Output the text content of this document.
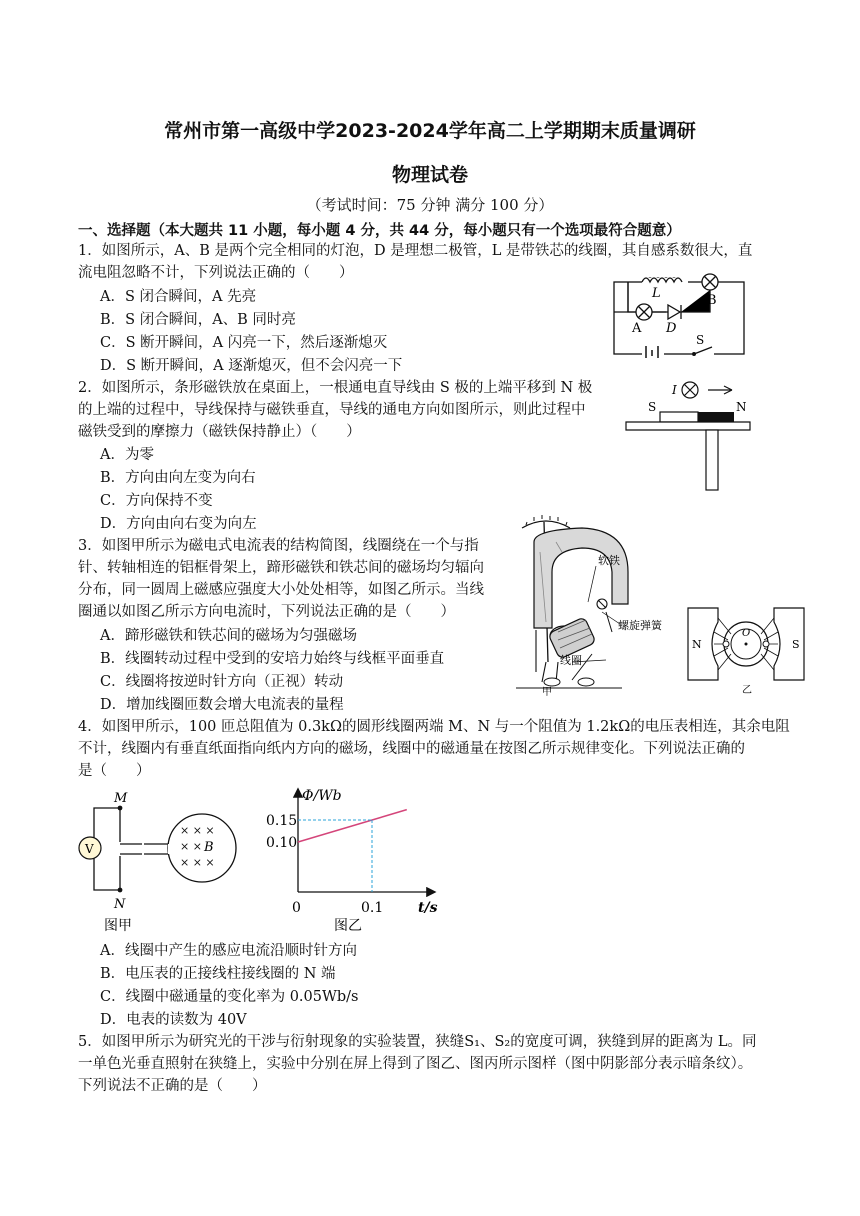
常州市第一高级中学2023-2024学年高二上学期期末质量调研
物理试卷
（考试时间：75 分钟 满分 100 分）
一、选择题（本大题共 11 小题，每小题 4 分，共 44 分，每小题只有一个选项最符合题意）
1．如图所示，A、B 是两个完全相同的灯泡，D 是理想二极管，L 是带铁芯的线圈，其自感系数很大，直
流电阻忽略不计，下列说法正确的（　　）
A．S 闭合瞬间，A 先亮
B．S 闭合瞬间，A、B 同时亮
C．S 断开瞬间，A 闪亮一下，然后逐渐熄灭
D．S 断开瞬间，A 逐渐熄灭，但不会闪亮一下
L	B
A D
S
2．如图所示，条形磁铁放在桌面上，一根通电直导线由 S 极的上端平移到 N 极
的上端的过程中，导线保持与磁铁垂直，导线的通电方向如图所示，则此过程中
磁铁受到的摩擦力（磁铁保持静止）（　　）
A．为零
B．方向由向左变为向右
C．方向保持不变
D．方向由向右变为向左
I
S	N
3．如图甲所示为磁电式电流表的结构简图，线圈绕在一个与指
针、转轴相连的铝框骨架上，蹄形磁铁和铁芯间的磁场均匀辐向
分布，同一圆周上磁感应强度大小处处相等，如图乙所示。当线
圈通以如图乙所示方向电流时，下列说法正确的是（　　）
A．蹄形磁铁和铁芯间的磁场为匀强磁场
B．线圈转动过程中受到的安培力始终与线框平面垂直
C．线圈将按逆时针方向（正视）转动
D．增加线圈匝数会增大电流表的量程
软铁
螺旋弹簧
线圈
甲
N
O
S
乙
4．如图甲所示，100 匝总阻值为 0.3kΩ的圆形线圈两端 M、N 与一个阻值为 1.2kΩ的电压表相连，其余电阻
不计，线圈内有垂直纸面指向纸内方向的磁场，线圈中的磁通量在按图乙所示规律变化。下列说法正确的
是（　　）
× × ×
× ×
× × ×
V
M
B
N
图甲
0.15
0.10
0	0.1
Φ/Wb
t/s
图乙
A．线圈中产生的感应电流沿顺时针方向
B．电压表的正接线柱接线圈的 N 端
C．线圈中磁通量的变化率为 0.05Wb/s
D．电表的读数为 40V
5．如图甲所示为研究光的干涉与衍射现象的实验装置，狭缝S₁、S₂的宽度可调，狭缝到屏的距离为 L。同
一单色光垂直照射在狭缝上，实验中分别在屏上得到了图乙、图丙所示图样（图中阴影部分表示暗条纹）。
下列说法不正确的是（　　）
